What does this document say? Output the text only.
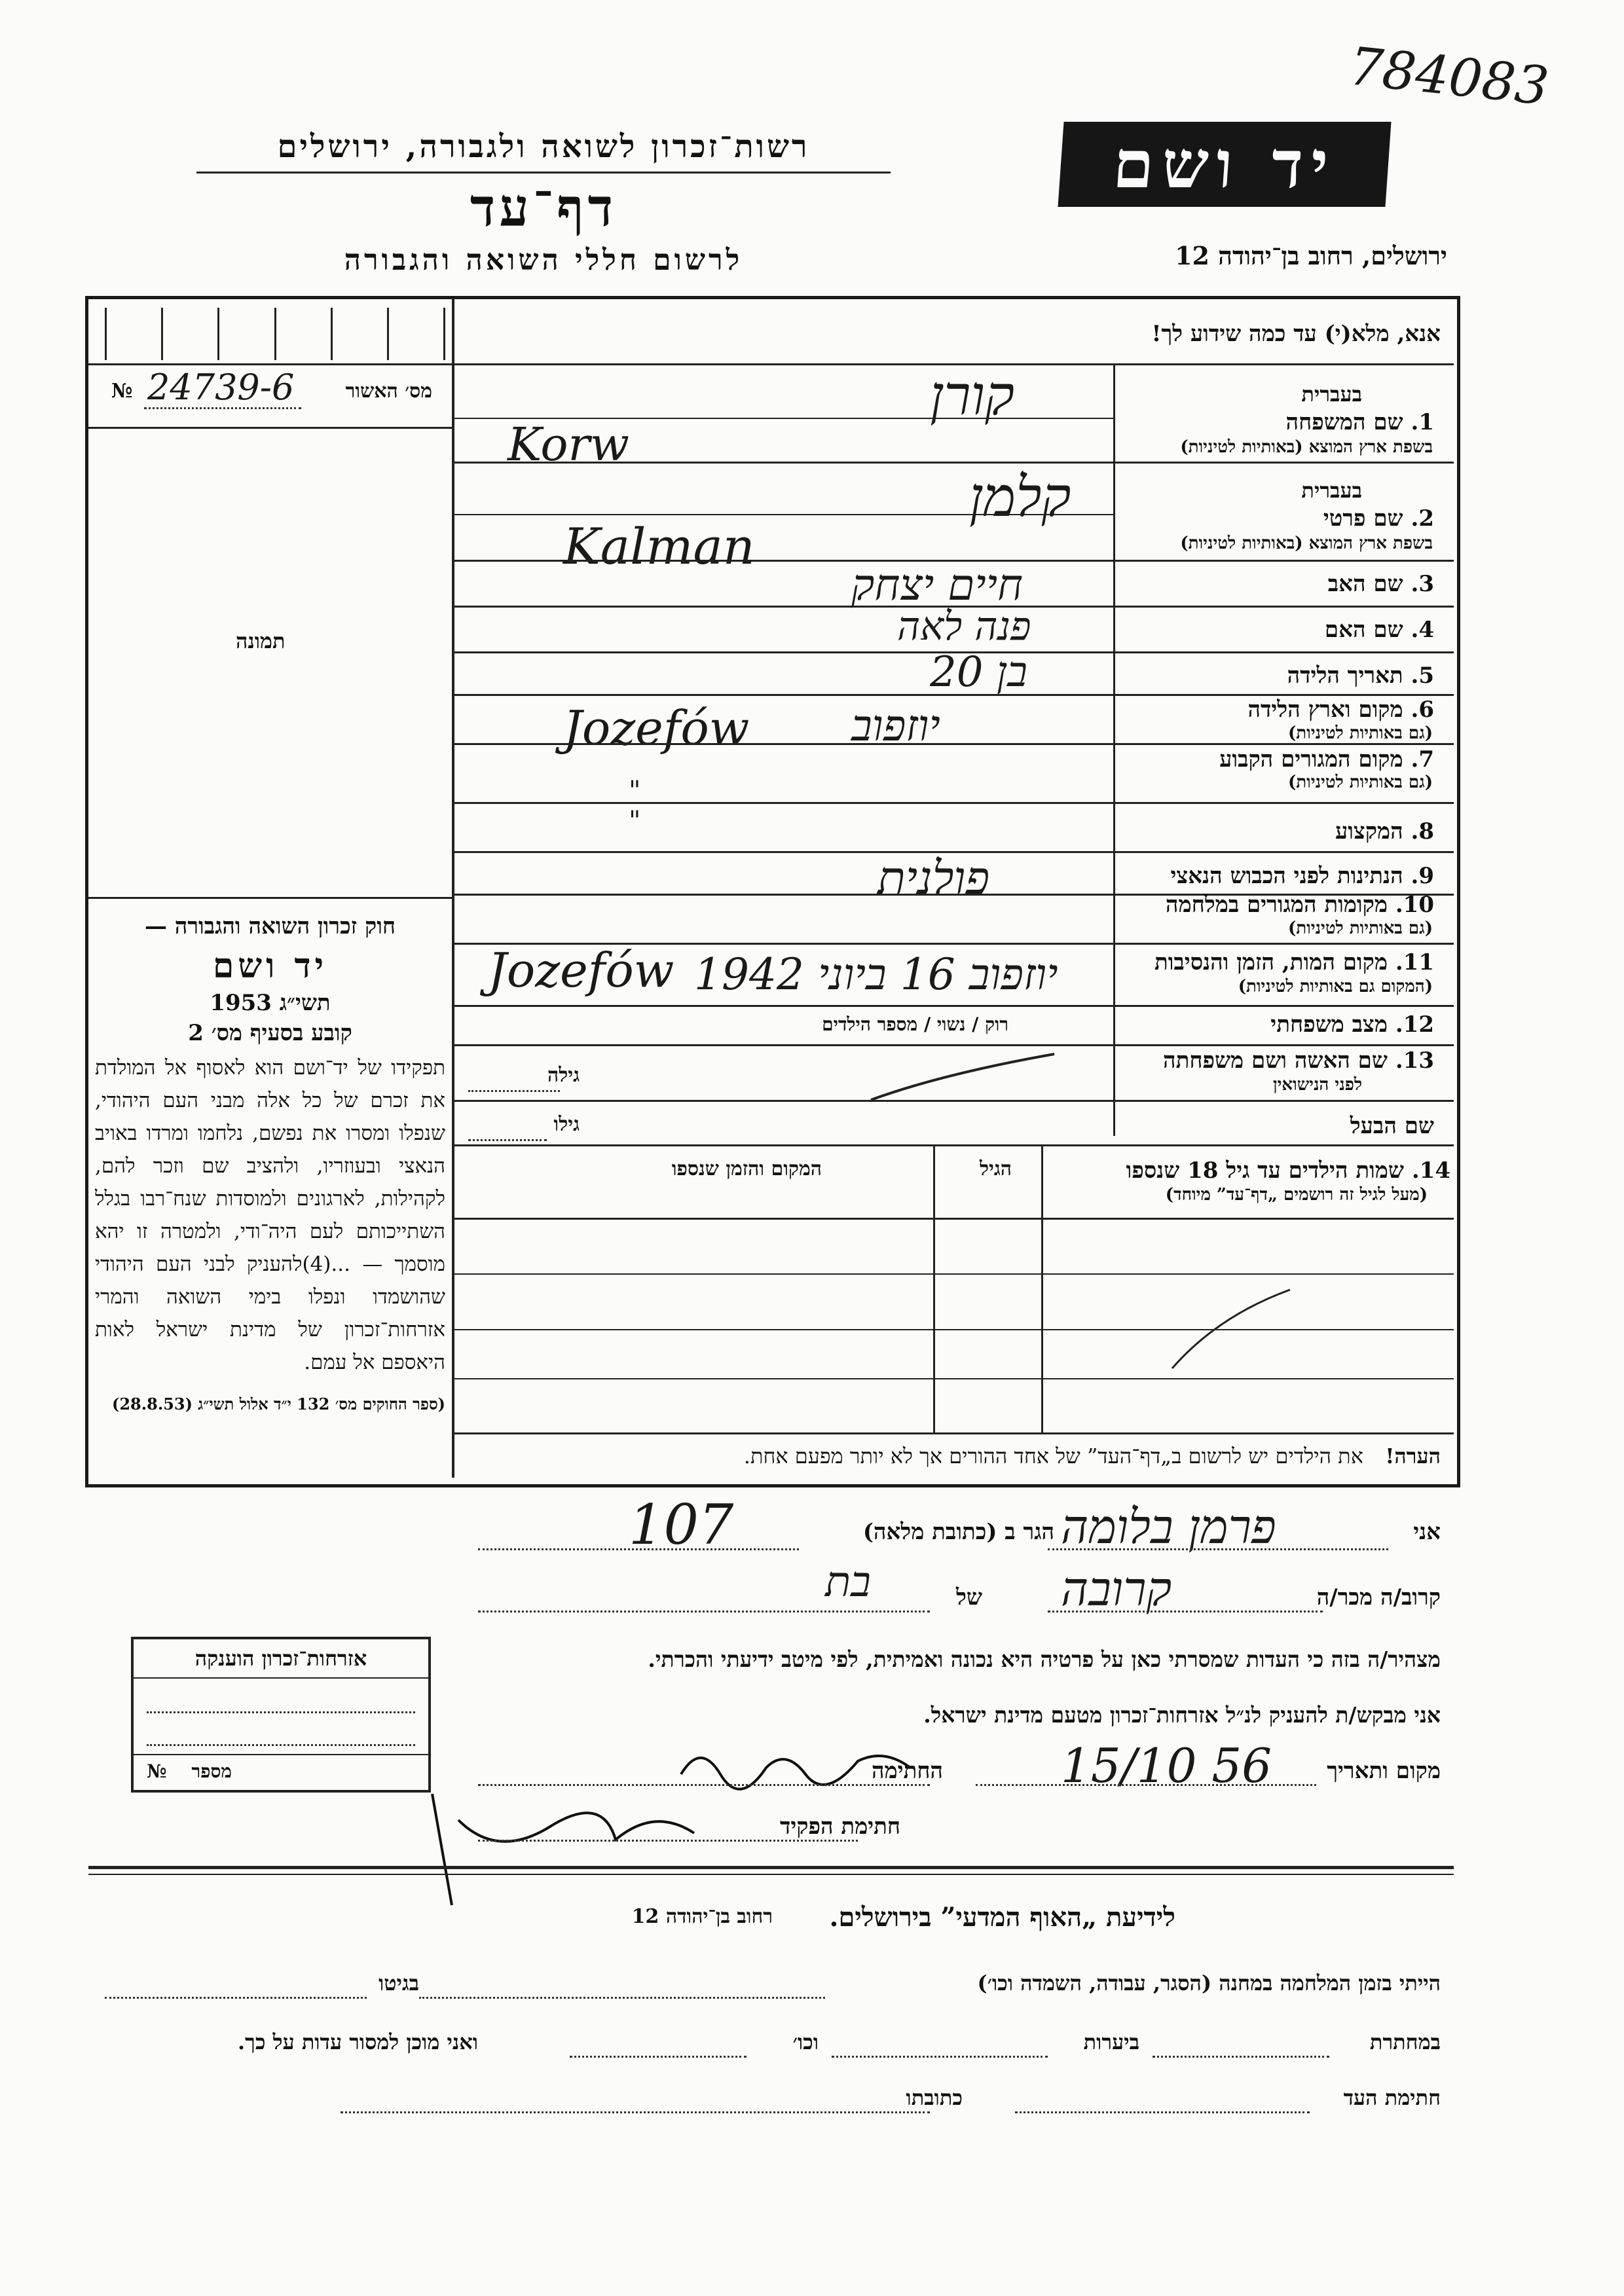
רשות־זכרון לשואה ולגבורה, ירושלים
דף־עד
לרשום חללי השואה והגבורה
יד ושם
784083
ירושלים, רחוב בן־יהודה 12
מס׳ האשור
№ 24739-6
תמונה
חוק זכרון השואה והגבורה —
יד ושם
תשי״ג 1953
קובע בסעיף מס׳ 2
תפקידו של יד־ושם הוא לאסוף אל המולדת את זכרם של כל אלה מבני העם היהודי, שנפלו ומסרו את נפשם, נלחמו ומרדו באויב הנאצי ובעוזריו, ולהציב שם וזכר להם, לקהילות, לארגונים ולמוסדות שנח־רבו בגלל השתייכותם לעם היה־ודי, ולמטרה זו יהא מוסמך — ...(4)להעניק לבני העם היהודי שהושמדו ונפלו בימי השואה והמרי אזרחות־זכרון של מדינת ישראל לאות היאספם אל עמם.
(ספר החוקים מס׳ 132 י״ד אלול תשי״ג (28.8.53)
אנא, מלא(י) עד כמה שידוע לך!
בעברית
1. שם המשפחה
בשפת ארץ המוצא (באותיות לטיניות)
קורן
Korw
בעברית
2. שם פרטי
בשפת ארץ המוצא (באותיות לטיניות)
קלמן
Kalman
3. שם האב
חיים יצחק
4. שם האם
פנה לאה
5. תאריך הלידה
בן 20
6. מקום וארץ הלידה
(גם באותיות לטיניות)
יוזפוב
Jozefów
7. מקום המגורים הקבוע
(גם באותיות לטיניות)
" "	8. המקצוע
9. הנתינות לפני הכבוש הנאצי
פולנית	10. מקומות המגורים במלחמה
(גם באותיות לטיניות)
11. מקום המות, הזמן והנסיבות
(המקום גם באותיות לטיניות)
Jozefów יוזפוב 16 ביוני 1942
12. מצב משפחתי
רוק / נשוי / מספר הילדים
13. שם האשה ושם משפחתה
לפני הנישואין
גילה
שם הבעל
גילו
14. שמות הילדים עד גיל 18 שנספו
(מעל לגיל זה רושמים „דף־עד” מיוחד)
הגיל
המקום והזמן שנספו
הערה!   את הילדים יש לרשום ב„דף־העד” של אחד ההורים אך לא יותר מפעם אחת.
אזרחות־זכרון הוענקה
№ מספר
אני
פרמן בלומה
הגר ב (כתובת מלאה)
107
קרוב/ה מכר/ה
קרובה
של
בת
מצהיר/ה בזה כי העדות שמסרתי כאן על פרטיה היא נכונה ואמיתית, לפי מיטב ידיעתי והכרתי.
אני מבקש/ת להעניק לנ״ל אזרחות־זכרון מטעם מדינת ישראל.
מקום ותאריך
15/10 56
החתימה
חתימת הפקיד
לידיעת „האוף המדעי” בירושלים.
רחוב בן־יהודה 12
הייתי בזמן המלחמה במחנה (הסגר, עבודה, השמדה וכו׳)
בגיטו
במחתרת
ביערות
וכו׳
ואני מוכן למסור עדות על כך.
חתימת העד
כתובתו
